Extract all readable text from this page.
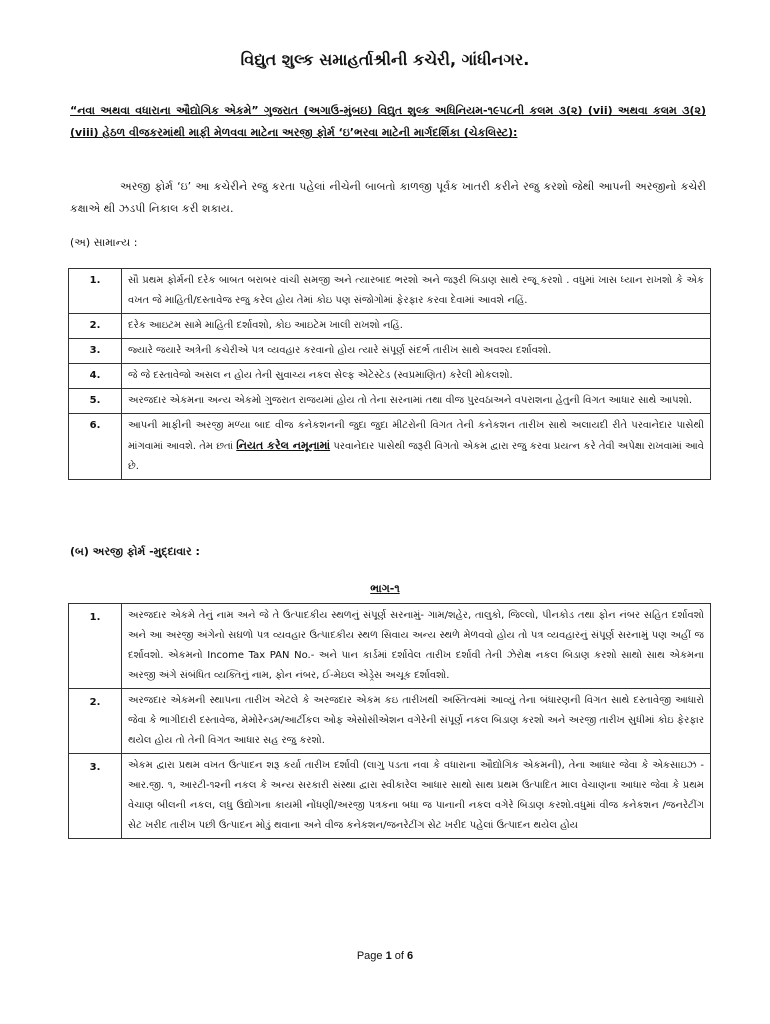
વિદ્યુત શુલ્ક સમાહર્તાશ્રીની કચેરી, ગાંધીનગર.
“નવા અથવા વધારાના ઔદ્યોગિક એકમે” ગુજરાત (અગાઉ-મુંબઇ) વિદ્યુત શુલ્ક અધિનિયમ-૧૯૫૮ની કલમ ૩(૨) (vii) અથવા કલમ ૩(૨) (viii) હેઠળ વીજકરમાંથી માફી મેળવવા માટેના અરજી ફોર્મ ‘ઇ’ભરવા માટેની માર્ગદર્શિકા (ચેકલિસ્ટ):
અરજી ફોર્મ ‘ઇ’ આ કચેરીને રજુ કરતા પહેલાં નીચેની બાબતો કાળજી પૂર્વક ખાતરી કરીને રજુ કરશો જેથી આપની અરજીનો કચેરી કક્ષાએ થી ઝડપી નિકાલ કરી શકાય.
(અ) સામાન્ય :
1.	સૌ પ્રથમ ફોર્મની દરેક બાબત બરાબર વાંચી સમજી અને ત્યારબાદ ભરશો અને જરૂરી બિડાણ સાથે રજૂ કરશો . વધુમાં ખાસ ધ્યાન રાખશો કે એક વખત જે માહિતી/દસ્તાવેજ રજુ કરેલ હોય તેમાં કોઇ પણ સંજોગોમાં ફેરફાર કરવા દેવામાં આવશે નહિં.
2.	દરેક આઇટમ સામે માહિતી દર્શાવશો, કોઇ આઇટેમ ખાલી રાખશો નહિં.
3.	જ્યારે જયારે અત્રેની કચેરીએ પત્ર વ્યવહાર કરવાનો હોય ત્યારે સંપૂર્ણ સંદર્ભ તારીખ સાથે અવશ્ય દર્શાવશો.
4.	જે જે દસ્તાવેજો અસલ ન હોય તેની સુવાચ્ય નકલ સેલ્ફ એટેસ્ટેડ (સ્વપ્રમાણિત) કરેલી મોકલશો.
5.	અરજદાર એકમના અન્ય એકમો ગુજરાત રાજયમાં હોય તો તેના સરનામાં તથા વીજ પુરવઠાઅને વપરાશના હેતુની વિગત આધાર સાથે આપશો.
6.	આપની માફીની અરજી મળ્યા બાદ વીજ કનેકશનની જુદા જુદા મીટરોની વિગત તેની કનેકશન તારીખ સાથે અલાયદી રીતે પરવાનેદાર પાસેથી માંગવામાં આવશે. તેમ છતાં નિયત કરેલ નમૂનામાં પરવાનેદાર પાસેથી જરૂરી વિગતો એકમ દ્વારા રજુ કરવા પ્રયત્ન કરે તેવી અપેક્ષા રાખવામાં આવે છે.
(બ) અરજી ફોર્મ -મુદ્દાવાર :
ભાગ-૧
1.	અરજદાર એકમે તેનું નામ અને જે તે ઉત્પાદકીય સ્થળનું સંપૂર્ણ સરનામું- ગામ/શહેર, તાલુકો, જિલ્લો, પીનકોડ તથા ફોન નંબર સહિત દર્શાવશો અને આ અરજી અંગેનો સઘળો પત્ર વ્યવહાર ઉત્પાદકીય સ્થળ સિવાય અન્ય સ્થળે મેળવવો હોય તો પત્ર વ્યવહારનું સંપૂર્ણ સરનામું પણ અહીં જ દર્શાવશો. એકમનો Income Tax PAN No.- અને પાન કાર્ડમાં દર્શાવેલ તારીખ દર્શાવી તેની ઝેરોક્ષ નકલ બિડાણ કરશો સાથો સાથ એકમના અરજી અંગે સંબંધિત વ્યક્તિનું નામ, ફોન નંબર, ઈ-મેઇલ એડ્રેસ અચૂક દર્શાવશો.
2.	અરજદાર એકમની સ્થાપના તારીખ એટલે કે અરજદાર એકમ કઇ તારીખથી અસ્તિત્વમાં આવ્યું તેના બંધારણની વિગત સાથે દસ્તાવેજી આધારો જેવા કે ભાગીદારી દસ્તાવેજ, મેમોરેન્ડમ/આર્ટીકલ ઓફ એસોસીએશન વગેરેની સંપૂર્ણ નકલ બિડાણ કરશો અને અરજી તારીખ સુધીમાં કોઇ ફેરફાર થયેલ હોય તો તેની વિગત આધાર સહ રજુ કરશો.
3.	એકમ દ્વારા પ્રથમ વખત ઉત્પાદન શરૂ કર્યા તારીખ દર્શાવી (લાગુ પડતા નવા કે વધારાના ઔદ્યોગિક એકમની), તેના આધાર જેવા કે એકસાઇઝ - આર.જી. ૧, આરટી-૧૨ની નકલ કે અન્ય સરકારી સંસ્થા દ્વારા સ્વીકારેલ આધાર સાથો સાથ પ્રથમ ઉત્પાદિત માલ વેચાણના આધાર જેવા કે પ્રથમ વેચાણ બીલની નકલ, લધુ ઉદ્યોગના કાયમી નોંધણી/અરજી પત્રકના બધા જ પાનાની નકલ વગેરે બિડાણ કરશો.વધુમાં વીજ કનેકશન /જનરેટીંગ સેટ ખરીદ તારીખ પછી ઉત્પાદન મોડું થવાના અને વીજ કનેકશન/જનરેટીંગ સેટ ખરીદ પહેલાં ઉત્પાદન થયેલ હોય
Page 1 of 6
